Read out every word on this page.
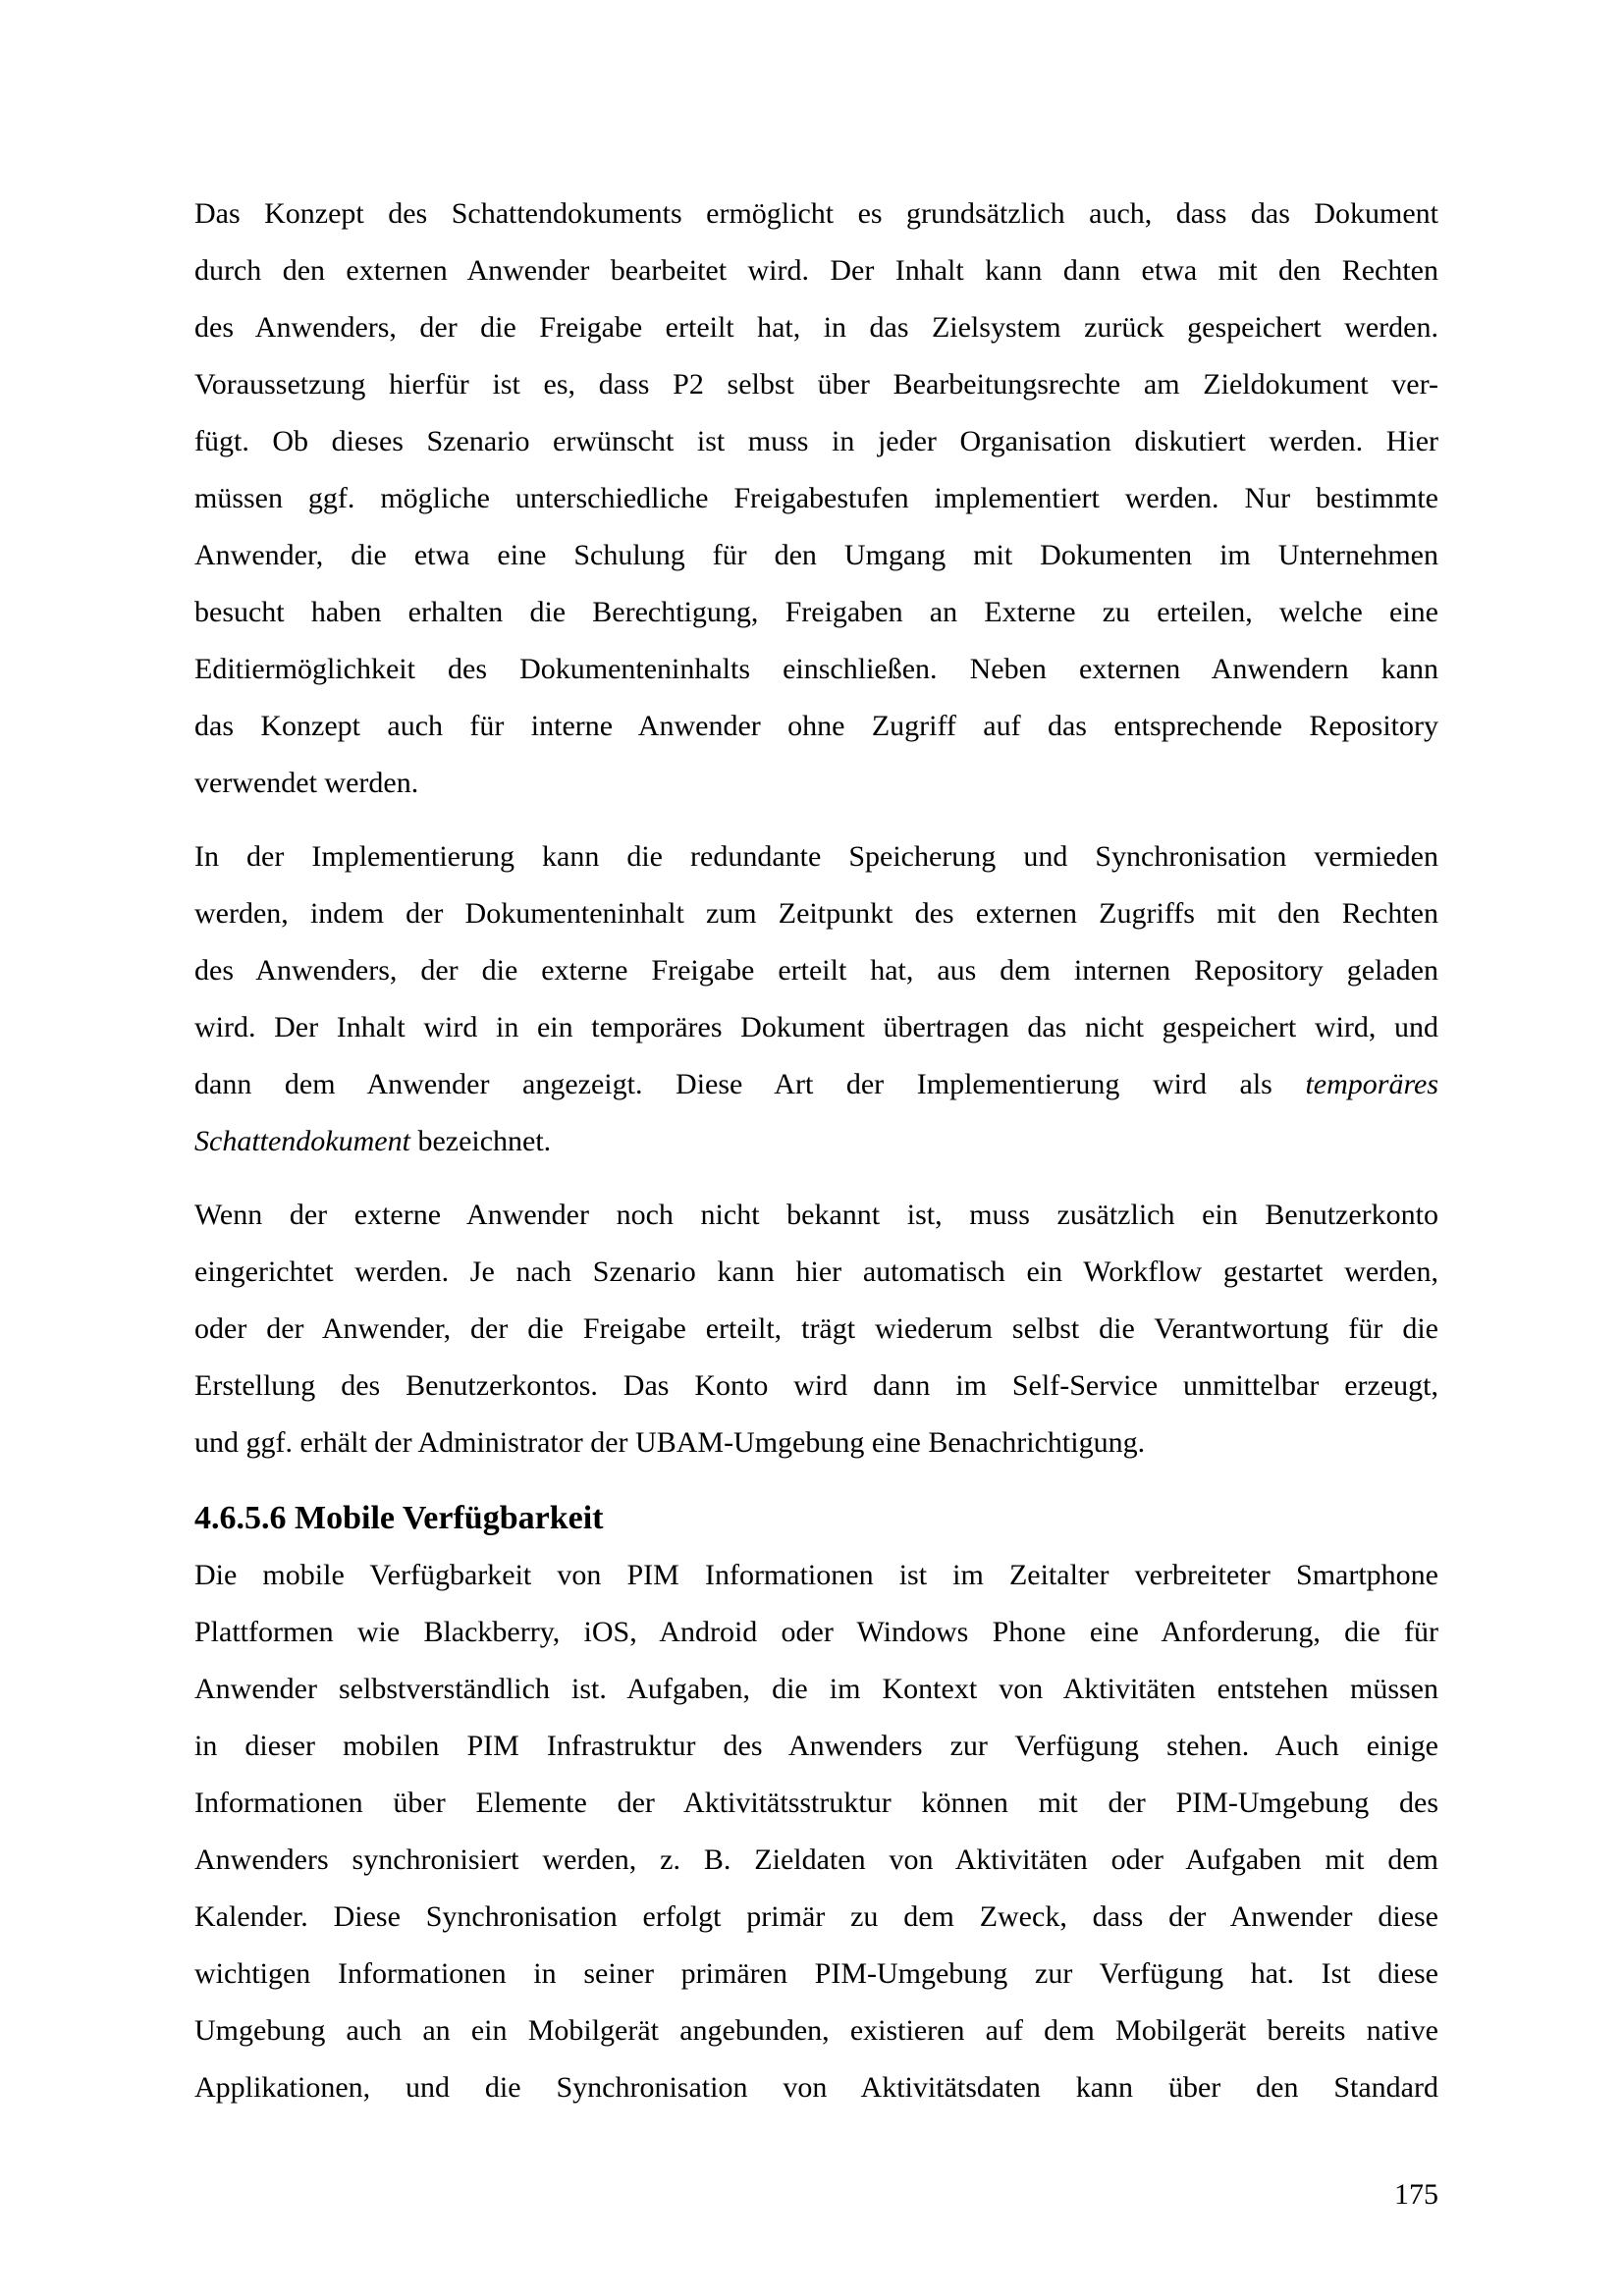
Das Konzept des Schattendokuments ermöglicht es grundsätzlich auch, dass das Dokument
durch den externen Anwender bearbeitet wird. Der Inhalt kann dann etwa mit den Rechten
des Anwenders, der die Freigabe erteilt hat, in das Zielsystem zurück gespeichert werden.
Voraussetzung hierfür ist es, dass P2 selbst über Bearbeitungsrechte am Zieldokument ver-
fügt. Ob dieses Szenario erwünscht ist muss in jeder Organisation diskutiert werden. Hier
müssen ggf. mögliche unterschiedliche Freigabestufen implementiert werden. Nur bestimmte
Anwender, die etwa eine Schulung für den Umgang mit Dokumenten im Unternehmen
besucht haben erhalten die Berechtigung, Freigaben an Externe zu erteilen, welche eine
Editiermöglichkeit des Dokumenteninhalts einschließen. Neben externen Anwendern kann
das Konzept auch für interne Anwender ohne Zugriff auf das entsprechende Repository
verwendet werden.
In der Implementierung kann die redundante Speicherung und Synchronisation vermieden
werden, indem der Dokumenteninhalt zum Zeitpunkt des externen Zugriffs mit den Rechten
des Anwenders, der die externe Freigabe erteilt hat, aus dem internen Repository geladen
wird. Der Inhalt wird in ein temporäres Dokument übertragen das nicht gespeichert wird, und
dann dem Anwender angezeigt. Diese Art der Implementierung wird als temporäres
Schattendokument bezeichnet.
Wenn der externe Anwender noch nicht bekannt ist, muss zusätzlich ein Benutzerkonto
eingerichtet werden. Je nach Szenario kann hier automatisch ein Workflow gestartet werden,
oder der Anwender, der die Freigabe erteilt, trägt wiederum selbst die Verantwortung für die
Erstellung des Benutzerkontos. Das Konto wird dann im Self-Service unmittelbar erzeugt,
und ggf. erhält der Administrator der UBAM-Umgebung eine Benachrichtigung.
4.6.5.6 Mobile Verfügbarkeit
Die mobile Verfügbarkeit von PIM Informationen ist im Zeitalter verbreiteter Smartphone
Plattformen wie Blackberry, iOS, Android oder Windows Phone eine Anforderung, die für
Anwender selbstverständlich ist. Aufgaben, die im Kontext von Aktivitäten entstehen müssen
in dieser mobilen PIM Infrastruktur des Anwenders zur Verfügung stehen. Auch einige
Informationen über Elemente der Aktivitätsstruktur können mit der PIM-Umgebung des
Anwenders synchronisiert werden, z. B. Zieldaten von Aktivitäten oder Aufgaben mit dem
Kalender. Diese Synchronisation erfolgt primär zu dem Zweck, dass der Anwender diese
wichtigen Informationen in seiner primären PIM-Umgebung zur Verfügung hat. Ist diese
Umgebung auch an ein Mobilgerät angebunden, existieren auf dem Mobilgerät bereits native
Applikationen, und die Synchronisation von Aktivitätsdaten kann über den Standard
175
